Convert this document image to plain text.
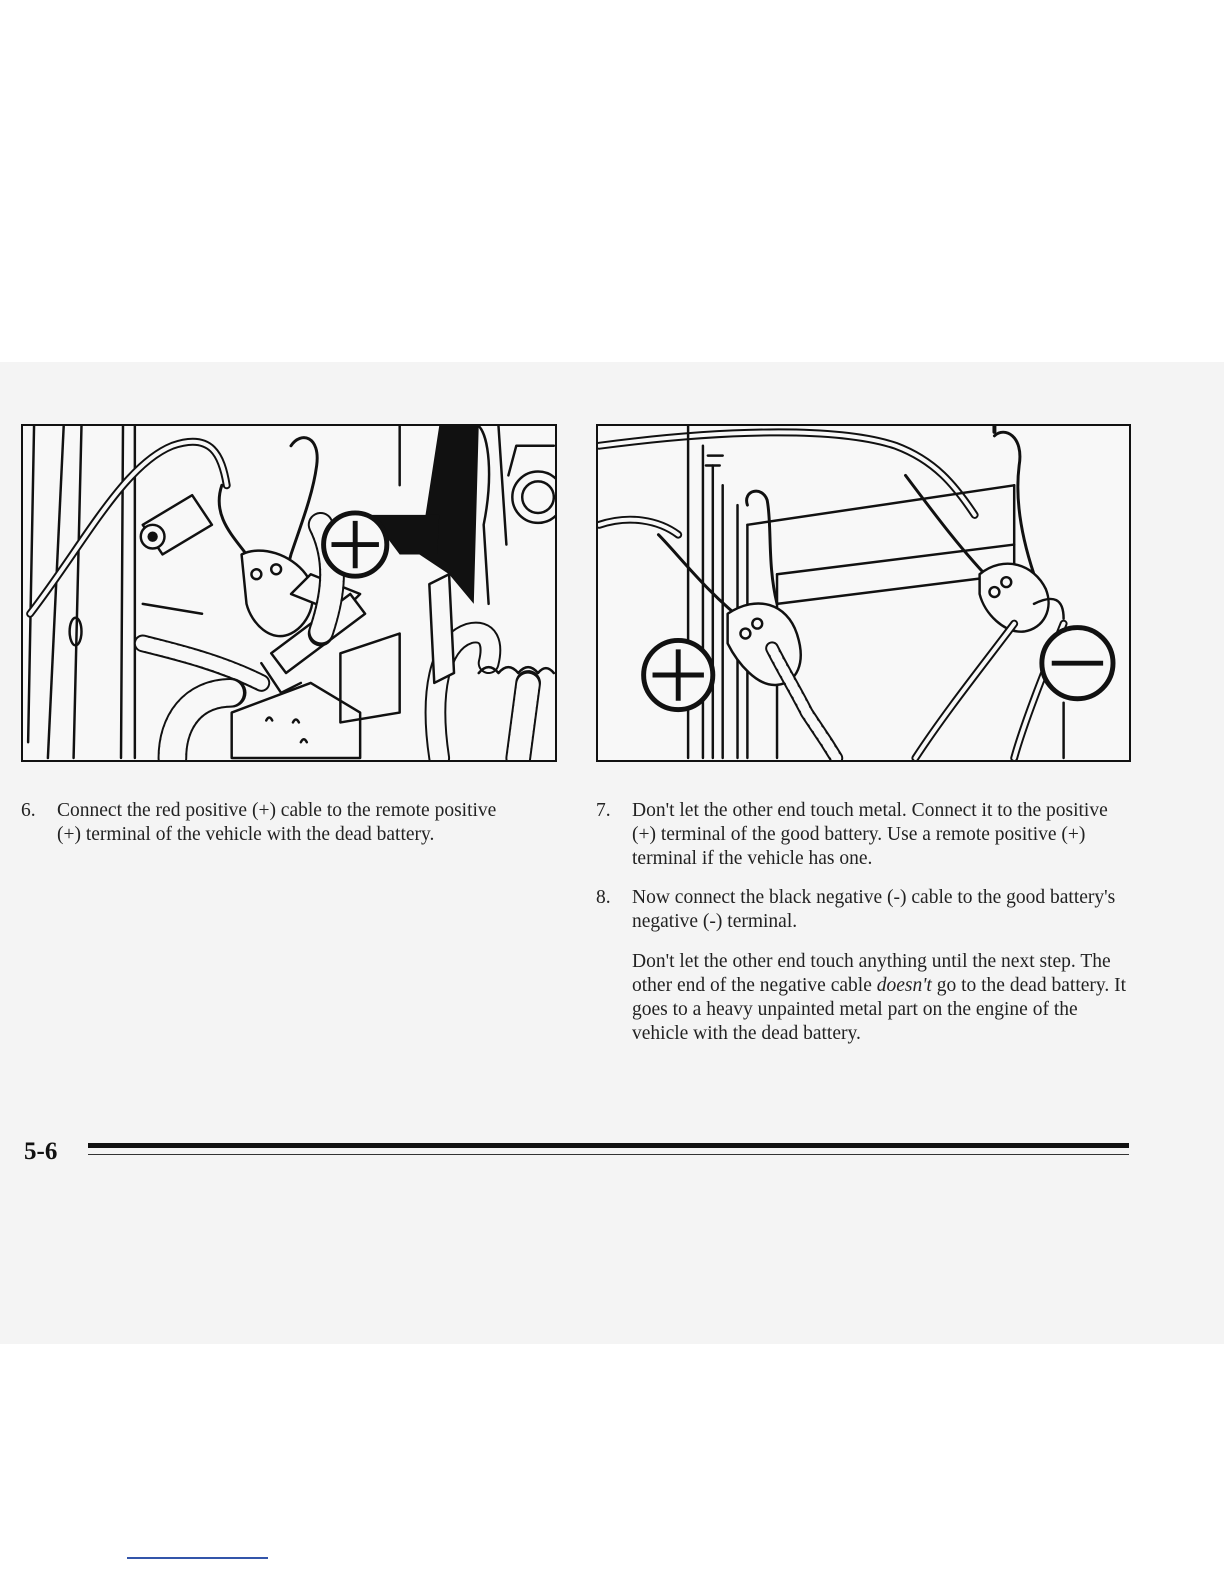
6. Connect the red positive (+) cable to the remote positive (+) terminal of the vehicle with the dead battery.
7. Don't let the other end touch metal. Connect it to the positive (+) terminal of the good battery. Use a remote positive (+) terminal if the vehicle has one.
8. Now connect the black negative (-) cable to the good battery's negative (-) terminal.

Don't let the other end touch anything until the next step. The other end of the negative cable doesn't go to the dead battery. It goes to a heavy unpainted metal part on the engine of the vehicle with the dead battery.

5-6
